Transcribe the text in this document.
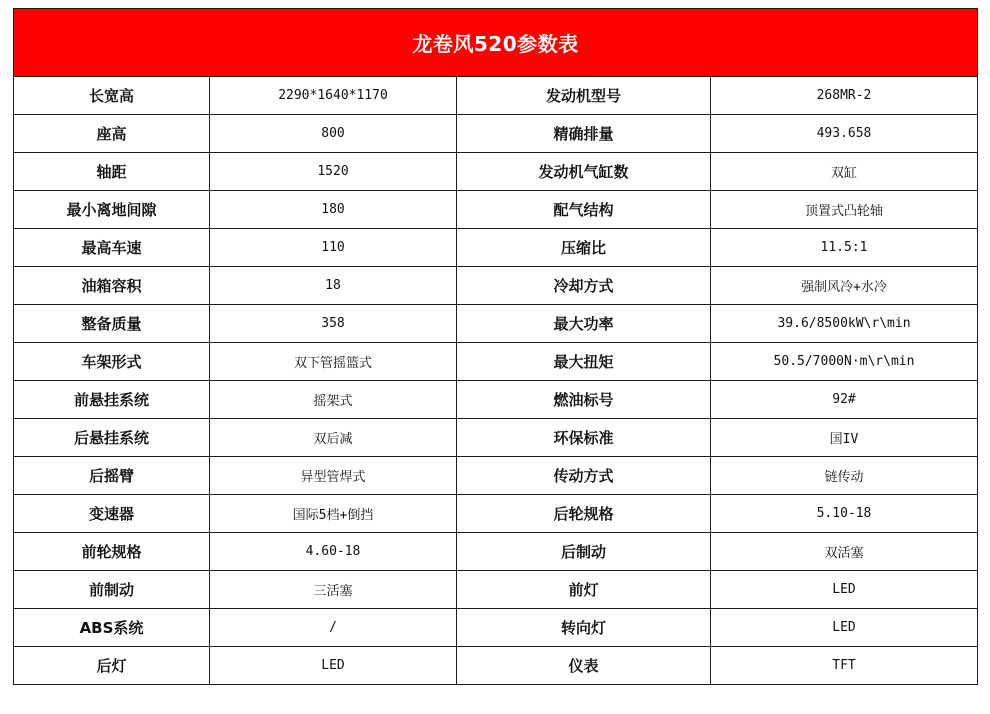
龙卷风520参数表			
长宽高	2290*1640*1170	发动机型号	268MR-2
座高	800	精确排量	493.658
轴距	1520	发动机气缸数	双缸
最小离地间隙	180	配气结构	顶置式凸轮轴
最高车速	110	压缩比	11.5:1
油箱容积	18	冷却方式	强制风冷+水冷
整备质量	358	最大功率	39.6/8500kW\r\min
车架形式	双下管摇篮式	最大扭矩	50.5/7000N·m\r\min
前悬挂系统	摇架式	燃油标号	92#
后悬挂系统	双后减	环保标准	国IV
后摇臂	异型管焊式	传动方式	链传动
变速器	国际5档+倒挡	后轮规格	5.10-18
前轮规格	4.60-18	后制动	双活塞
前制动	三活塞	前灯	LED
ABS系统	/	转向灯	LED
后灯	LED	仪表	TFT
